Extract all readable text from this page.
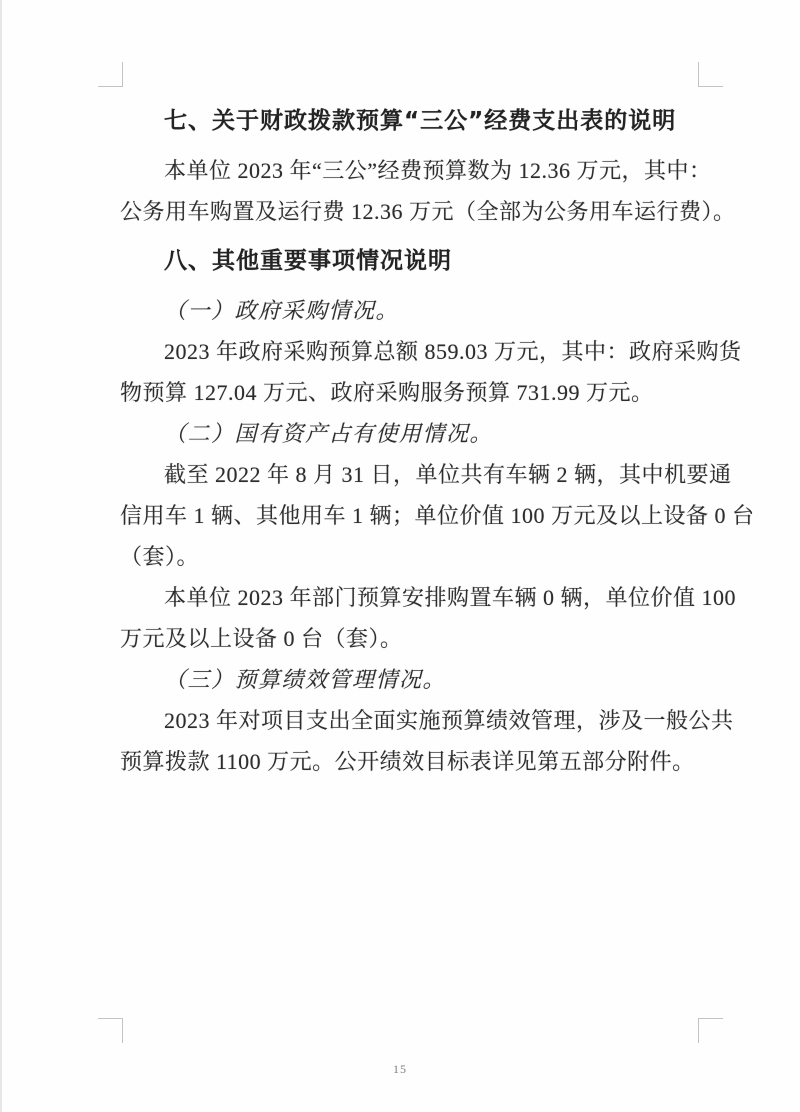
七、关于财政拨款预算“三公”经费支出表的说明
本单位 2023 年“三公”经费预算数为 12.36 万元，其中：
公务用车购置及运行费 12.36 万元（全部为公务用车运行费）。
八、其他重要事项情况说明
（一）政府采购情况。
2023 年政府采购预算总额 859.03 万元，其中：政府采购货
物预算 127.04 万元、政府采购服务预算 731.99 万元。
（二）国有资产占有使用情况。
截至 2022 年 8 月 31 日，单位共有车辆 2 辆，其中机要通
信用车 1 辆、其他用车 1 辆；单位价值 100 万元及以上设备 0 台
（套）。
本单位 2023 年部门预算安排购置车辆 0 辆，单位价值 100
万元及以上设备 0 台（套）。
（三）预算绩效管理情况。
2023 年对项目支出全面实施预算绩效管理，涉及一般公共
预算拨款 1100 万元。公开绩效目标表详见第五部分附件。
15
